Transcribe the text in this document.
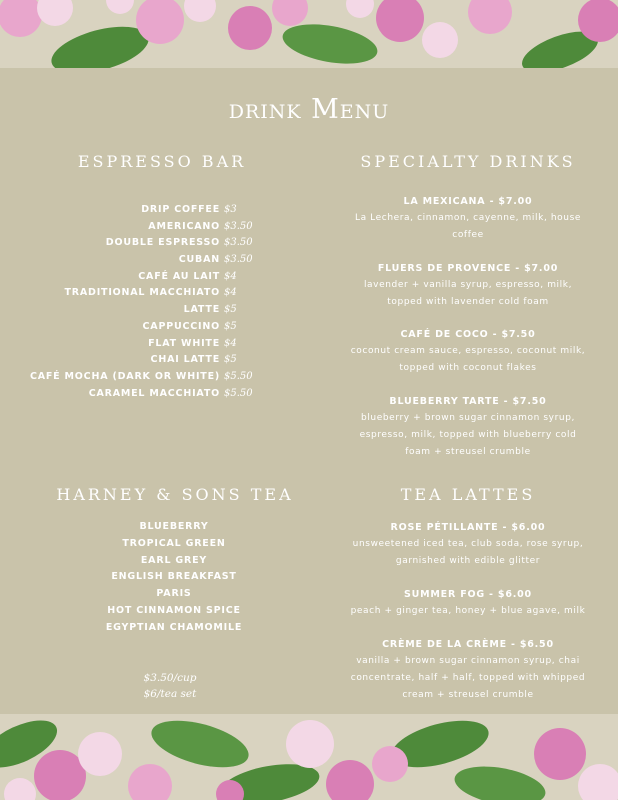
drink Menu
ESPRESSO BAR
DRIP COFFEE $3
AMERICANO $3.50
DOUBLE ESPRESSO $3.50
CUBAN $3.50
CAFÉ AU LAIT $4
TRADITIONAL MACCHIATO $4
LATTE $5
CAPPUCCINO $5
FLAT WHITE $4
CHAI LATTE $5
CAFÉ MOCHA (DARK OR WHITE) $5.50
CARAMEL MACCHIATO $5.50
HARNEY & SONS TEA
BLUEBERRY
TROPICAL GREEN
EARL GREY
ENGLISH BREAKFAST
PARIS
HOT CINNAMON SPICE
EGYPTIAN CHAMOMILE
$3.50/cup
$6/tea set
SPECIALTY DRINKS
LA MEXICANA - $7.00
La Lechera, cinnamon, cayenne, milk, house coffee
FLUERS DE PROVENCE - $7.00
lavender + vanilla syrup, espresso, milk, topped with lavender cold foam
CAFÉ DE COCO - $7.50
coconut cream sauce, espresso, coconut milk, topped with coconut flakes
BLUEBERRY TARTE - $7.50
blueberry + brown sugar cinnamon syrup, espresso, milk, topped with blueberry cold foam + streusel crumble
TEA LATTES
ROSE PÉTILLANTE - $6.00
unsweetened iced tea, club soda, rose syrup, garnished with edible glitter
SUMMER FOG - $6.00
peach + ginger tea, honey + blue agave, milk
CRÈME DE LA CRÈME - $6.50
vanilla + brown sugar cinnamon syrup, chai concentrate, half + half, topped with whipped cream + streusel crumble
